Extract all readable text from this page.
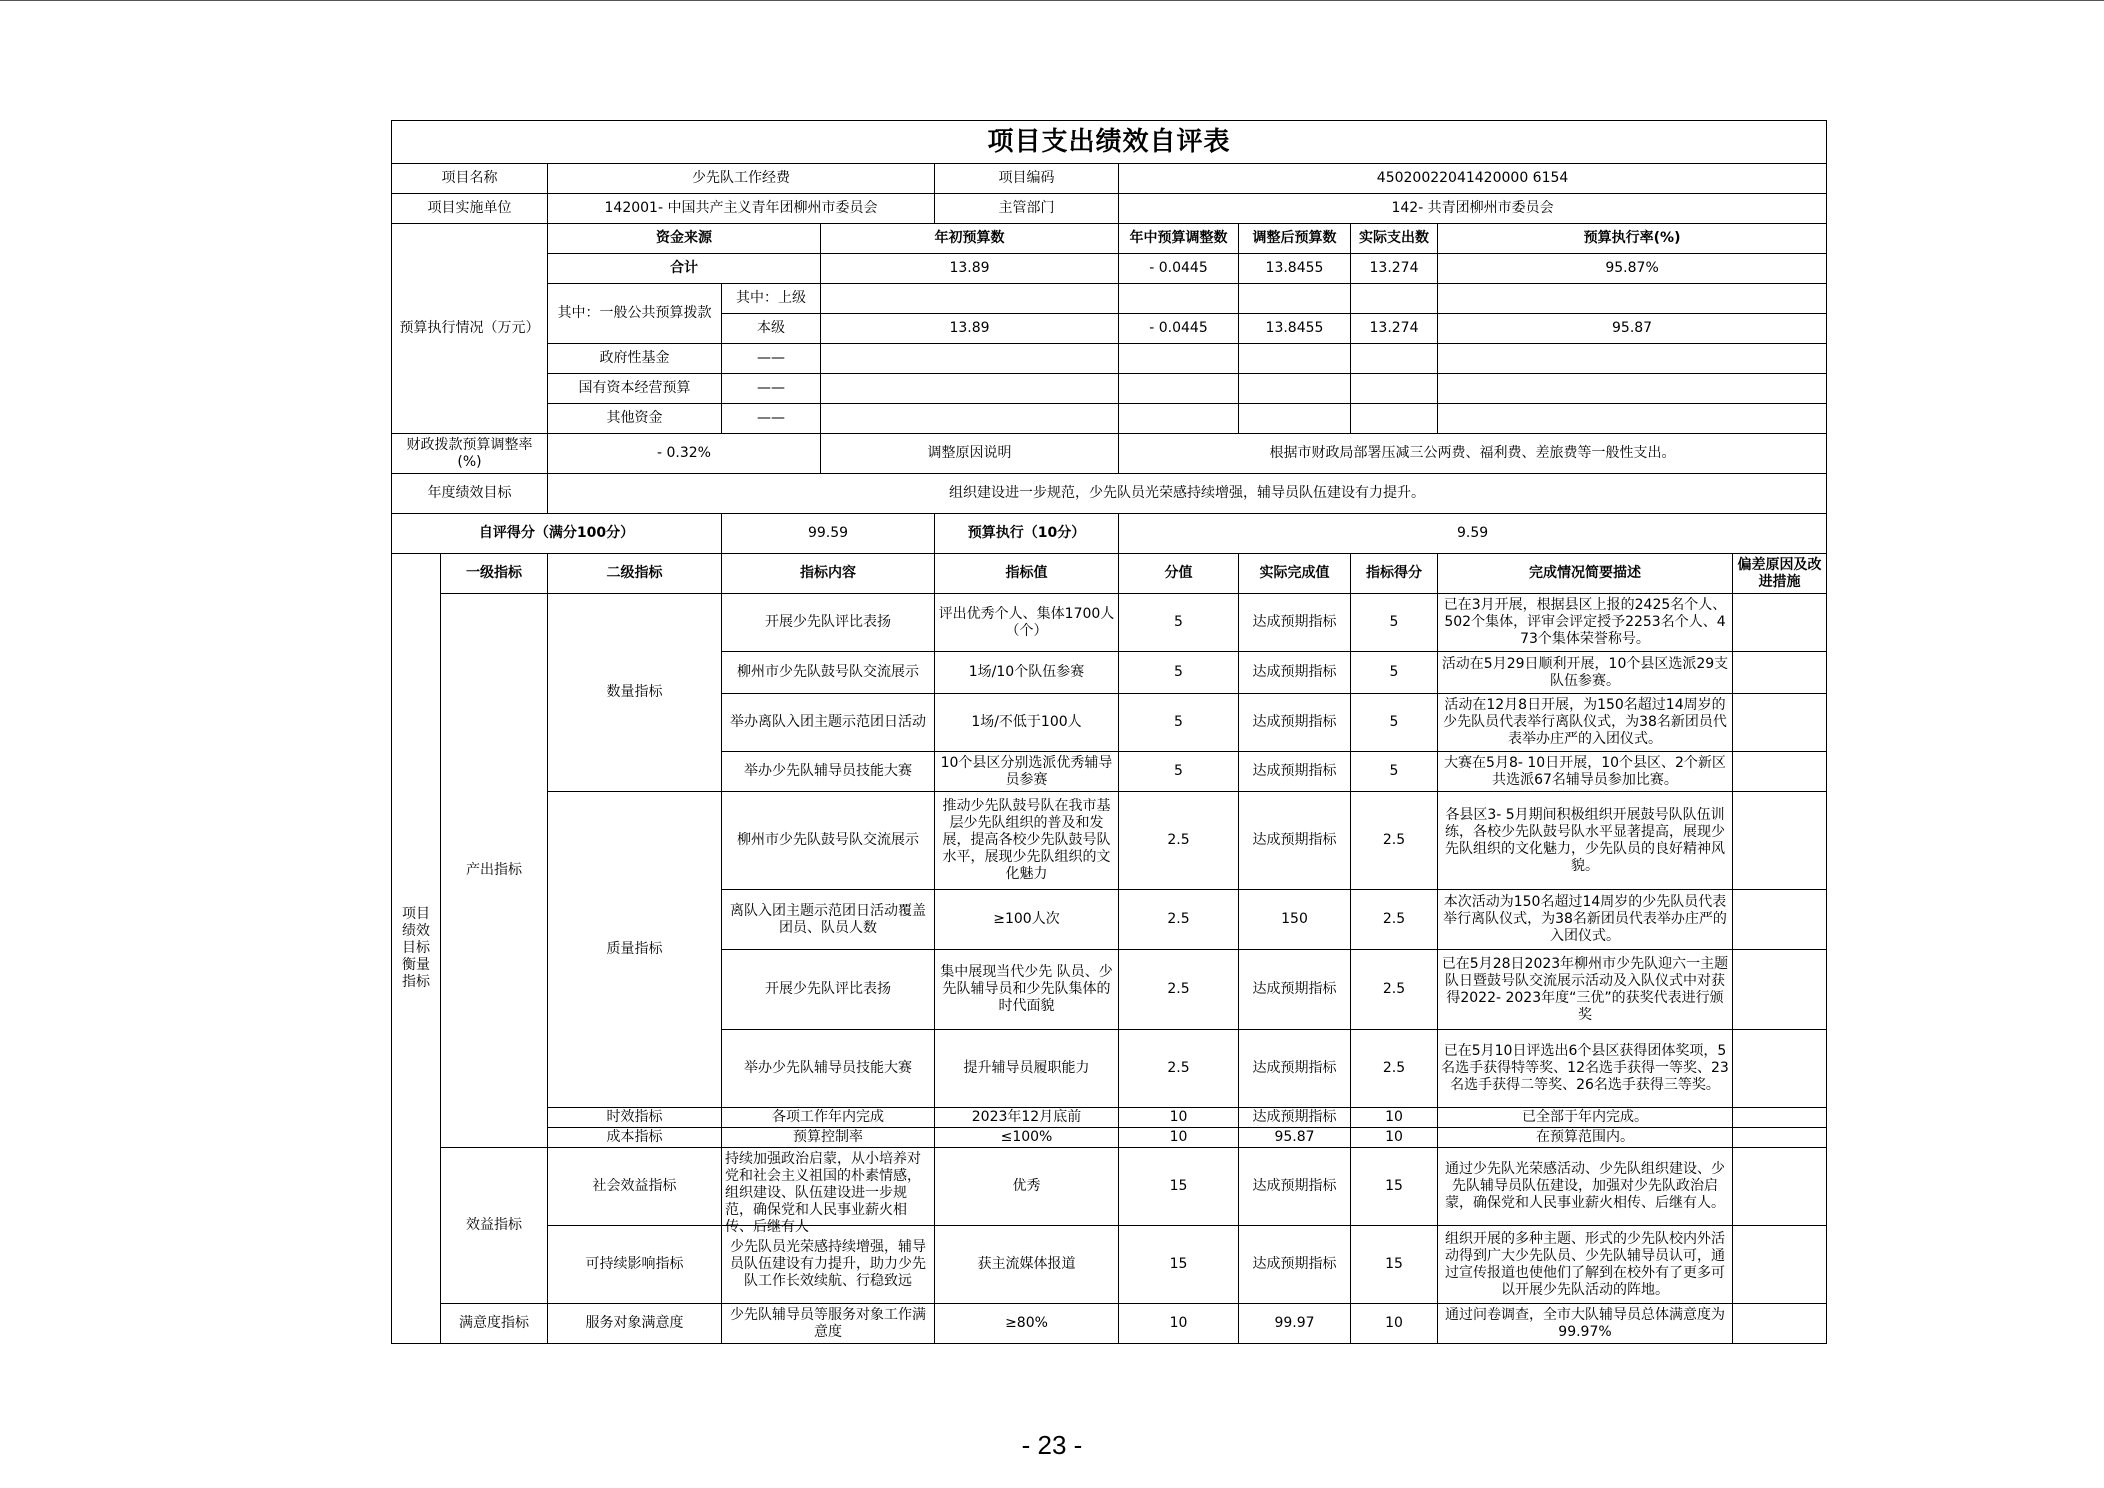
项目支出绩效自评表										
项目名称		少先队工作经费			项目编码	45020022041420000 6154				
项目实施单位		142001- 中国共产主义青年团柳州市委员会			主管部门	142- 共青团柳州市委员会				
预算执行情况（万元）		资金来源		年初预算数		年中预算调整数	调整后预算数	实际支出数	预算执行率(%)	
		合计		13.89		- 0.0445	13.8455	13.274	95.87%	
		其中：一般公共预算拨款	其中：上级							
			本级	13.89		- 0.0445	13.8455	13.274	95.87	
		政府性基金	——							
		国有资本经营预算	——							
		其他资金	——							
财政拨款预算调整率(%)		- 0.32%		调整原因说明		根据市财政局部署压减三公两费、福利费、差旅费等一般性支出。				
年度绩效目标		组织建设进一步规范，少先队员光荣感持续增强，辅导员队伍建设有力提升。								
自评得分（满分100分）			99.59		预算执行（10分）	9.59				

项目绩效目标衡量指标	一级指标	二级指标	指标内容		指标值	分值	实际完成值	指标得分	完成情况简要描述	偏差原因及改进措施
	产出指标	数量指标	开展少先队评比表扬		评出优秀个人、集体1700人（个）	5	达成预期指标	5	已在3月开展，根据县区上报的2425名个人、502个集体，评审会评定授予2253名个人、473个集体荣誉称号。	
			柳州市少先队鼓号队交流展示		1场/10个队伍参赛	5	达成预期指标	5	活动在5月29日顺利开展，10个县区选派29支队伍参赛。	
			举办离队入团主题示范团日活动		1场/不低于100人	5	达成预期指标	5	活动在12月8日开展，为150名超过14周岁的少先队员代表举行离队仪式，为38名新团员代表举办庄严的入团仪式。	
			举办少先队辅导员技能大赛		10个县区分别选派优秀辅导员参赛	5	达成预期指标	5	大赛在5月8- 10日开展，10个县区、2个新区共选派67名辅导员参加比赛。	
		质量指标	柳州市少先队鼓号队交流展示		推动少先队鼓号队在我市基层少先队组织的普及和发展，提高各校少先队鼓号队水平，展现少先队组织的文化魅力	2.5	达成预期指标	2.5	各县区3- 5月期间积极组织开展鼓号队队伍训练，各校少先队鼓号队水平显著提高，展现少先队组织的文化魅力，少先队员的良好精神风貌。	
			离队入团主题示范团日活动覆盖团员、队员人数		≥100人次	2.5	150	2.5	本次活动为150名超过14周岁的少先队员代表举行离队仪式，为38名新团员代表举办庄严的入团仪式。	
			开展少先队评比表扬		集中展现当代少先 队员、少先队辅导员和少先队集体的时代面貌	2.5	达成预期指标	2.5	已在5月28日2023年柳州市少先队迎六一主题队日暨鼓号队交流展示活动及入队仪式中对获得2022- 2023年度“三优”的获奖代表进行颁奖	
			举办少先队辅导员技能大赛		提升辅导员履职能力	2.5	达成预期指标	2.5	已在5月10日评选出6个县区获得团体奖项，5名选手获得特等奖、12名选手获得一等奖、23名选手获得二等奖、26名选手获得三等奖。	
		时效指标	各项工作年内完成		2023年12月底前	10	达成预期指标	10	已全部于年内完成。	
		成本指标	预算控制率		≤100%	10	95.87	10	在预算范围内。	
	效益指标	社会效益指标	持续加强政治启蒙，从小培养对党和社会主义祖国的朴素情感，组织建设、队伍建设进一步规范，确保党和人民事业薪火相传、后继有人		优秀	15	达成预期指标	15	通过少先队光荣感活动、少先队组织建设、少先队辅导员队伍建设，加强对少先队政治启蒙，确保党和人民事业薪火相传、后继有人。	
		可持续影响指标	少先队员光荣感持续增强，辅导员队伍建设有力提升，助力少先队工作长效续航、行稳致远		获主流媒体报道	15	达成预期指标	15	组织开展的多种主题、形式的少先队校内外活动得到广大少先队员、少先队辅导员认可，通过宣传报道也使他们了解到在校外有了更多可以开展少先队活动的阵地。	
	满意度指标	服务对象满意度	少先队辅导员等服务对象工作满意度		≥80%	10	99.97	10	通过问卷调查，全市大队辅导员总体满意度为99.97%	
- 23 -
